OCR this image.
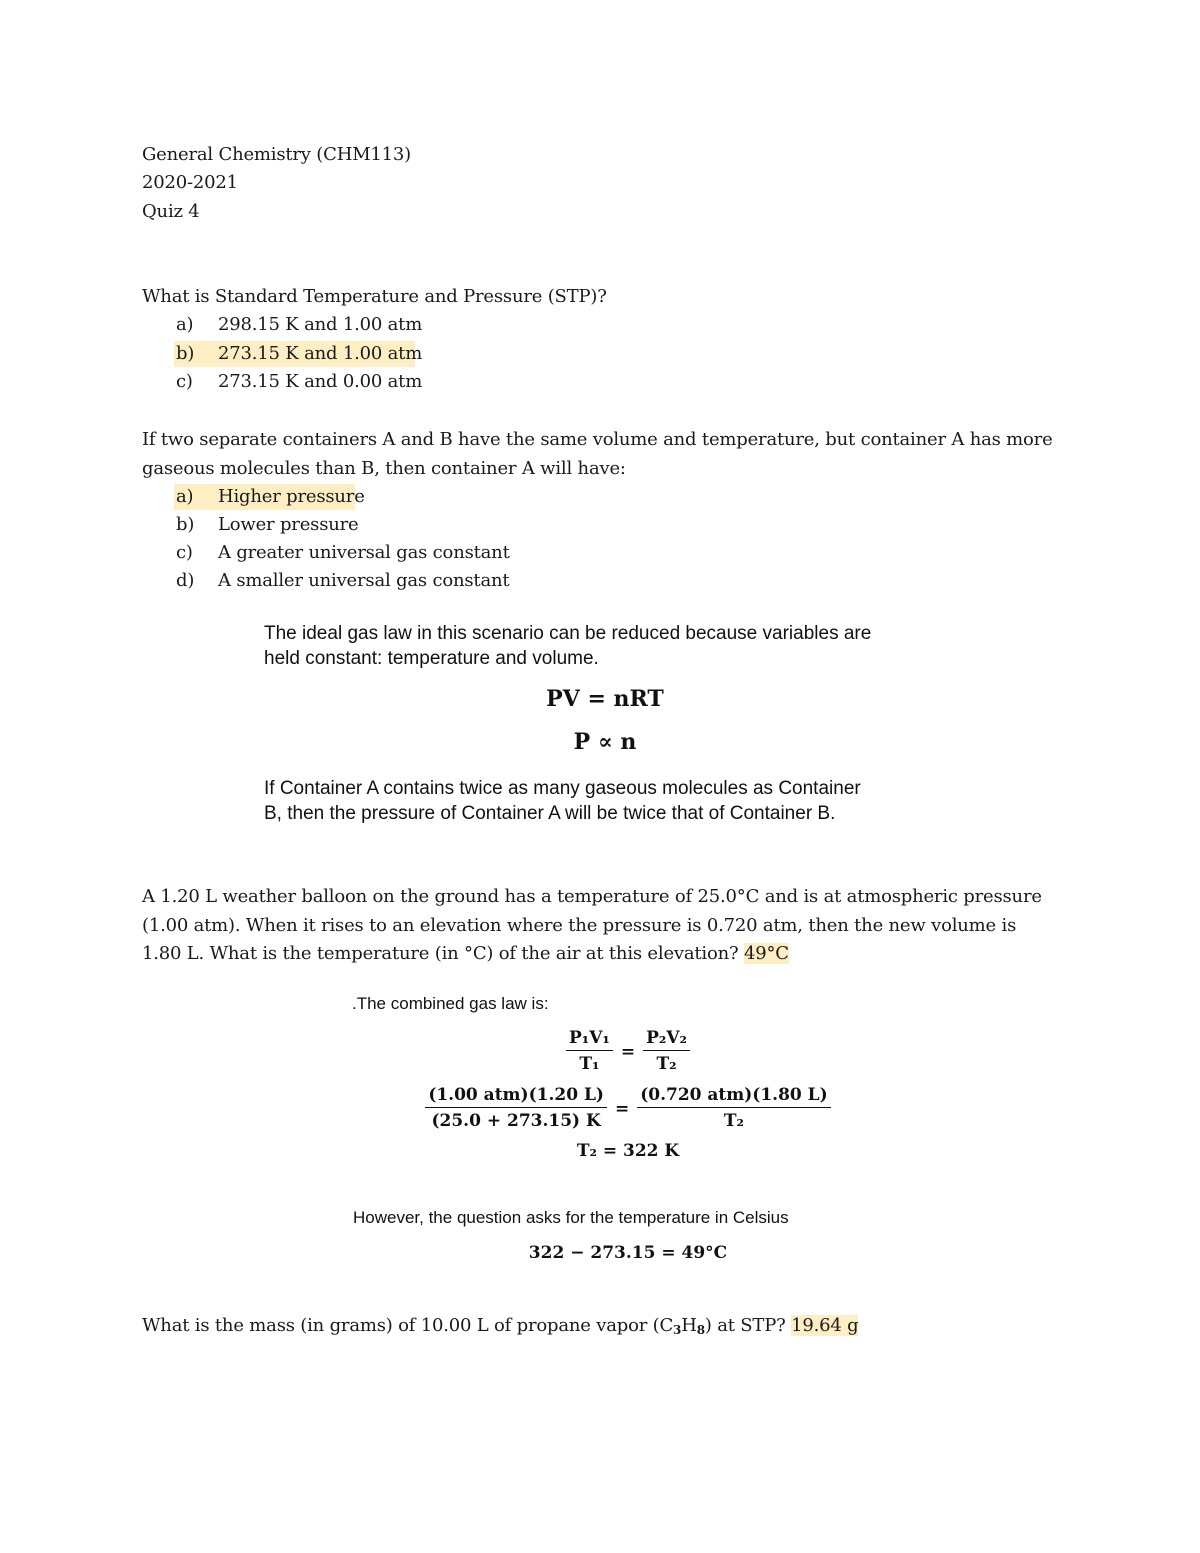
General Chemistry (CHM113)
2020-2021
Quiz 4
What is Standard Temperature and Pressure (STP)?
a)	298.15 K and 1.00 atm
b)	273.15 K and 1.00 atm
c)	273.15 K and 0.00 atm
If two separate containers A and B have the same volume and temperature, but container A has more gaseous molecules than B, then container A will have:
a)	Higher pressure
b)	Lower pressure
c)	A greater universal gas constant
d)	A smaller universal gas constant
The ideal gas law in this scenario can be reduced because variables are
held constant: temperature and volume.
PV = nRT
P ∝ n
If Container A contains twice as many gaseous molecules as Container
B, then the pressure of Container A will be twice that of Container B.
A 1.20 L weather balloon on the ground has a temperature of 25.0°C and is at atmospheric pressure (1.00 atm). When it rises to an elevation where the pressure is 0.720 atm, then the new volume is 1.80 L. What is the temperature (in °C) of the air at this elevation? 49°C
.The combined gas law is:
$\frac{\text{P₁V₁}}{\text{T₁}} = \frac{\text{P₂V₂}}{\text{T₂}}$
$\frac{\text{(1.00 atm)(1.20 L)}}{(25.0 + 273.15) K} = \frac{\text{(0.720 atm)(1.80 L)}}{\text{T₂}}$
T₂ = 322 K
However, the question asks for the temperature in Celsius
322 − 273.15 = 49°C
What is the mass (in grams) of 10.00 L of propane vapor $(C_3H_8)$ at STP? 19.64 g
